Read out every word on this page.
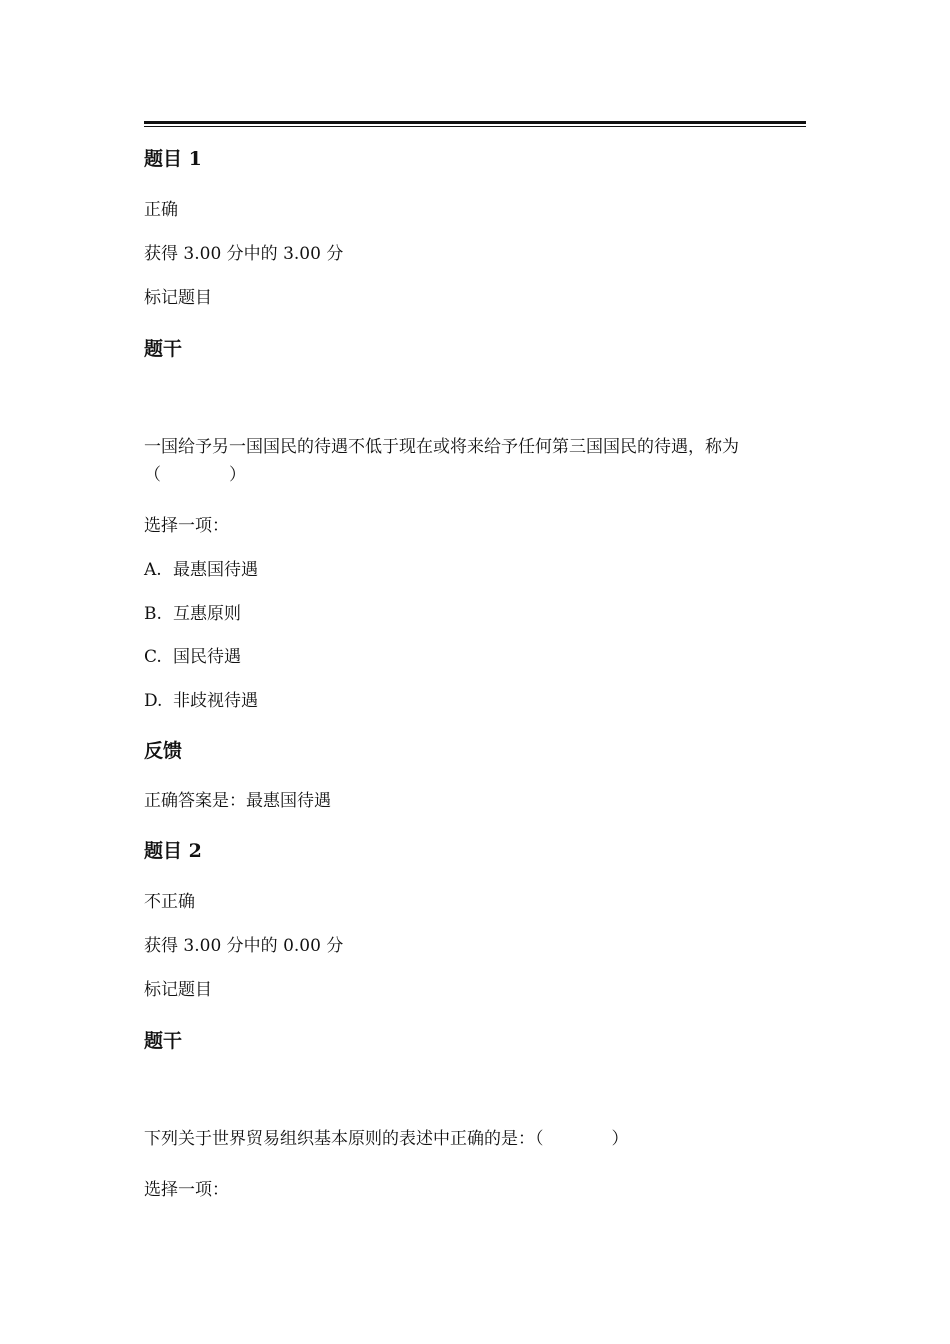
题目 1
正确
获得 3.00 分中的 3.00 分
标记题目
题干
一国给予另一国国民的待遇不低于现在或将来给予任何第三国国民的待遇，称为
（　　　　）
选择一项：
A. 最惠国待遇
B. 互惠原则
C. 国民待遇
D. 非歧视待遇
反馈
正确答案是：最惠国待遇
题目 2
不正确
获得 3.00 分中的 0.00 分
标记题目
题干
下列关于世界贸易组织基本原则的表述中正确的是：（　　　　）
选择一项：
